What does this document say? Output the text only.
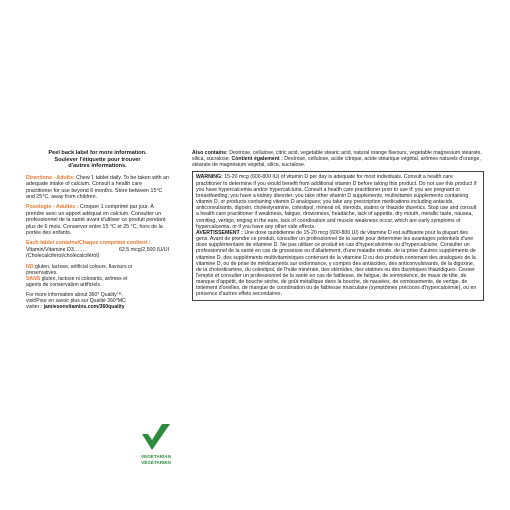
Peel back label for more information.
Soulever l'étiquette pour trouver
d'autres informations.
Directions - Adults: Chew 1 tablet daily. To be taken with an adequate intake of calcium. Consult a health care practitioner for use beyond 6 months. Store between 15°C and 25°C, away from children.
Posologie - Adultes : Croquer 1 comprimé par jour. À prendre avec un apport adéquat en calcium. Consulter un professionnel de la santé avant d'utiliser ce produit pendant plus de 6 mois. Conserver entre 15 °C et 25 °C, hors de la portée des enfants.
Each tablet contains/Chaque comprimé contient :
Vitamin/Vitamine D3…….	62.5 mcg/2,500 IU/UI
(Cholecalciferol/cholécalciférol)
NO gluten, lactose, artificial colours, flavours or preservatives.
SANS gluten, lactose ni colorants, arômes et agents de conservation artificiels.
For more information about 360° Quality™,
visit/Pour en savoir plus sur Qualité 360°MC
visiter : jamiesonvitamins.com/360quality
VEGETARIAN
VÉGÉTARIEN
Also contains: Dextrose, cellulose, citric acid, vegetable stearic acid, natural orange flavours, vegetable magnesium stearate, silica, sucralose. Contient également : Dextrose, cellulose, acide citrique, acide stéarique végétal, arômes naturels d'orange, stéarate de magnésium végétal, silice, sucralose.

WARNING: 15-20 mcg (600-800 IU) of vitamin D per day is adequate for most individuals. Consult a health care practitioner to determine if you would benefit from additional vitamin D before taking this product. Do not use this product if you have hypercalcemia and/or hypercalciuria. Consult a health care practitioner prior to use if: you are pregnant or breastfeeding; you have a kidney disorder; you take other vitamin D supplements, multivitamin supplements containing vitamin D, or products containing vitamin D analogues; you take any prescription medications including antacids, anticonvulsants, digoxin, cholestyramine, colestipol, mineral oil, steroids, statins or thiazide diuretics. Stop use and consult a health care practitioner if weakness, fatigue, drowsiness, headache, lack of appetite, dry mouth, metallic taste, nausea, vomiting, vertigo, ringing in the ears, lack of coordination and muscle weakness occur, which are early symptoms of hypercalcemia, or if you have any other side effects.

AVERTISSEMENT : Une dose quotidienne de 15-20 mcg (600-800 UI) de vitamine D est suffisante pour la plupart des gens. Avant de prendre ce produit, consulter un professionnel de la santé pour déterminer les avantages potentiels d'une dose supplémentaire de vitamine D. Ne pas utiliser ce produit en cas d'hypercalcémie ou d'hypercalciurie. Consulter un professionnel de la santé en cas de grossesse ou d'allaitement, d'une maladie rénale, de la prise d'autres suppléments de vitamine D, des suppléments multivitaminiques contenant de la vitamine D ou des produits contenant des analogues de la vitamine D, ou de prise de médicaments sur ordonnance, y compris des antiacides, des anticonvulsivants, de la digoxine, de la cholestiramine, du colestipol, de l'huile minérale, des stéroïdes, des statines ou des diurétiques thiazidiques. Cesser l'emploi et consulter un professionnel de la santé en cas de faiblesse, de fatigue, de somnolence, de maux de tête, de manque d'appétit, de bouche sèche, de goût métallique dans la bouche, de nausées, de vomissements, de vertige, de tintement d'oreilles, de manque de coordination ou de faiblesse musculaire (symptômes précoces d'hypercalcémie), ou en présence d'autres effets secondaires.
